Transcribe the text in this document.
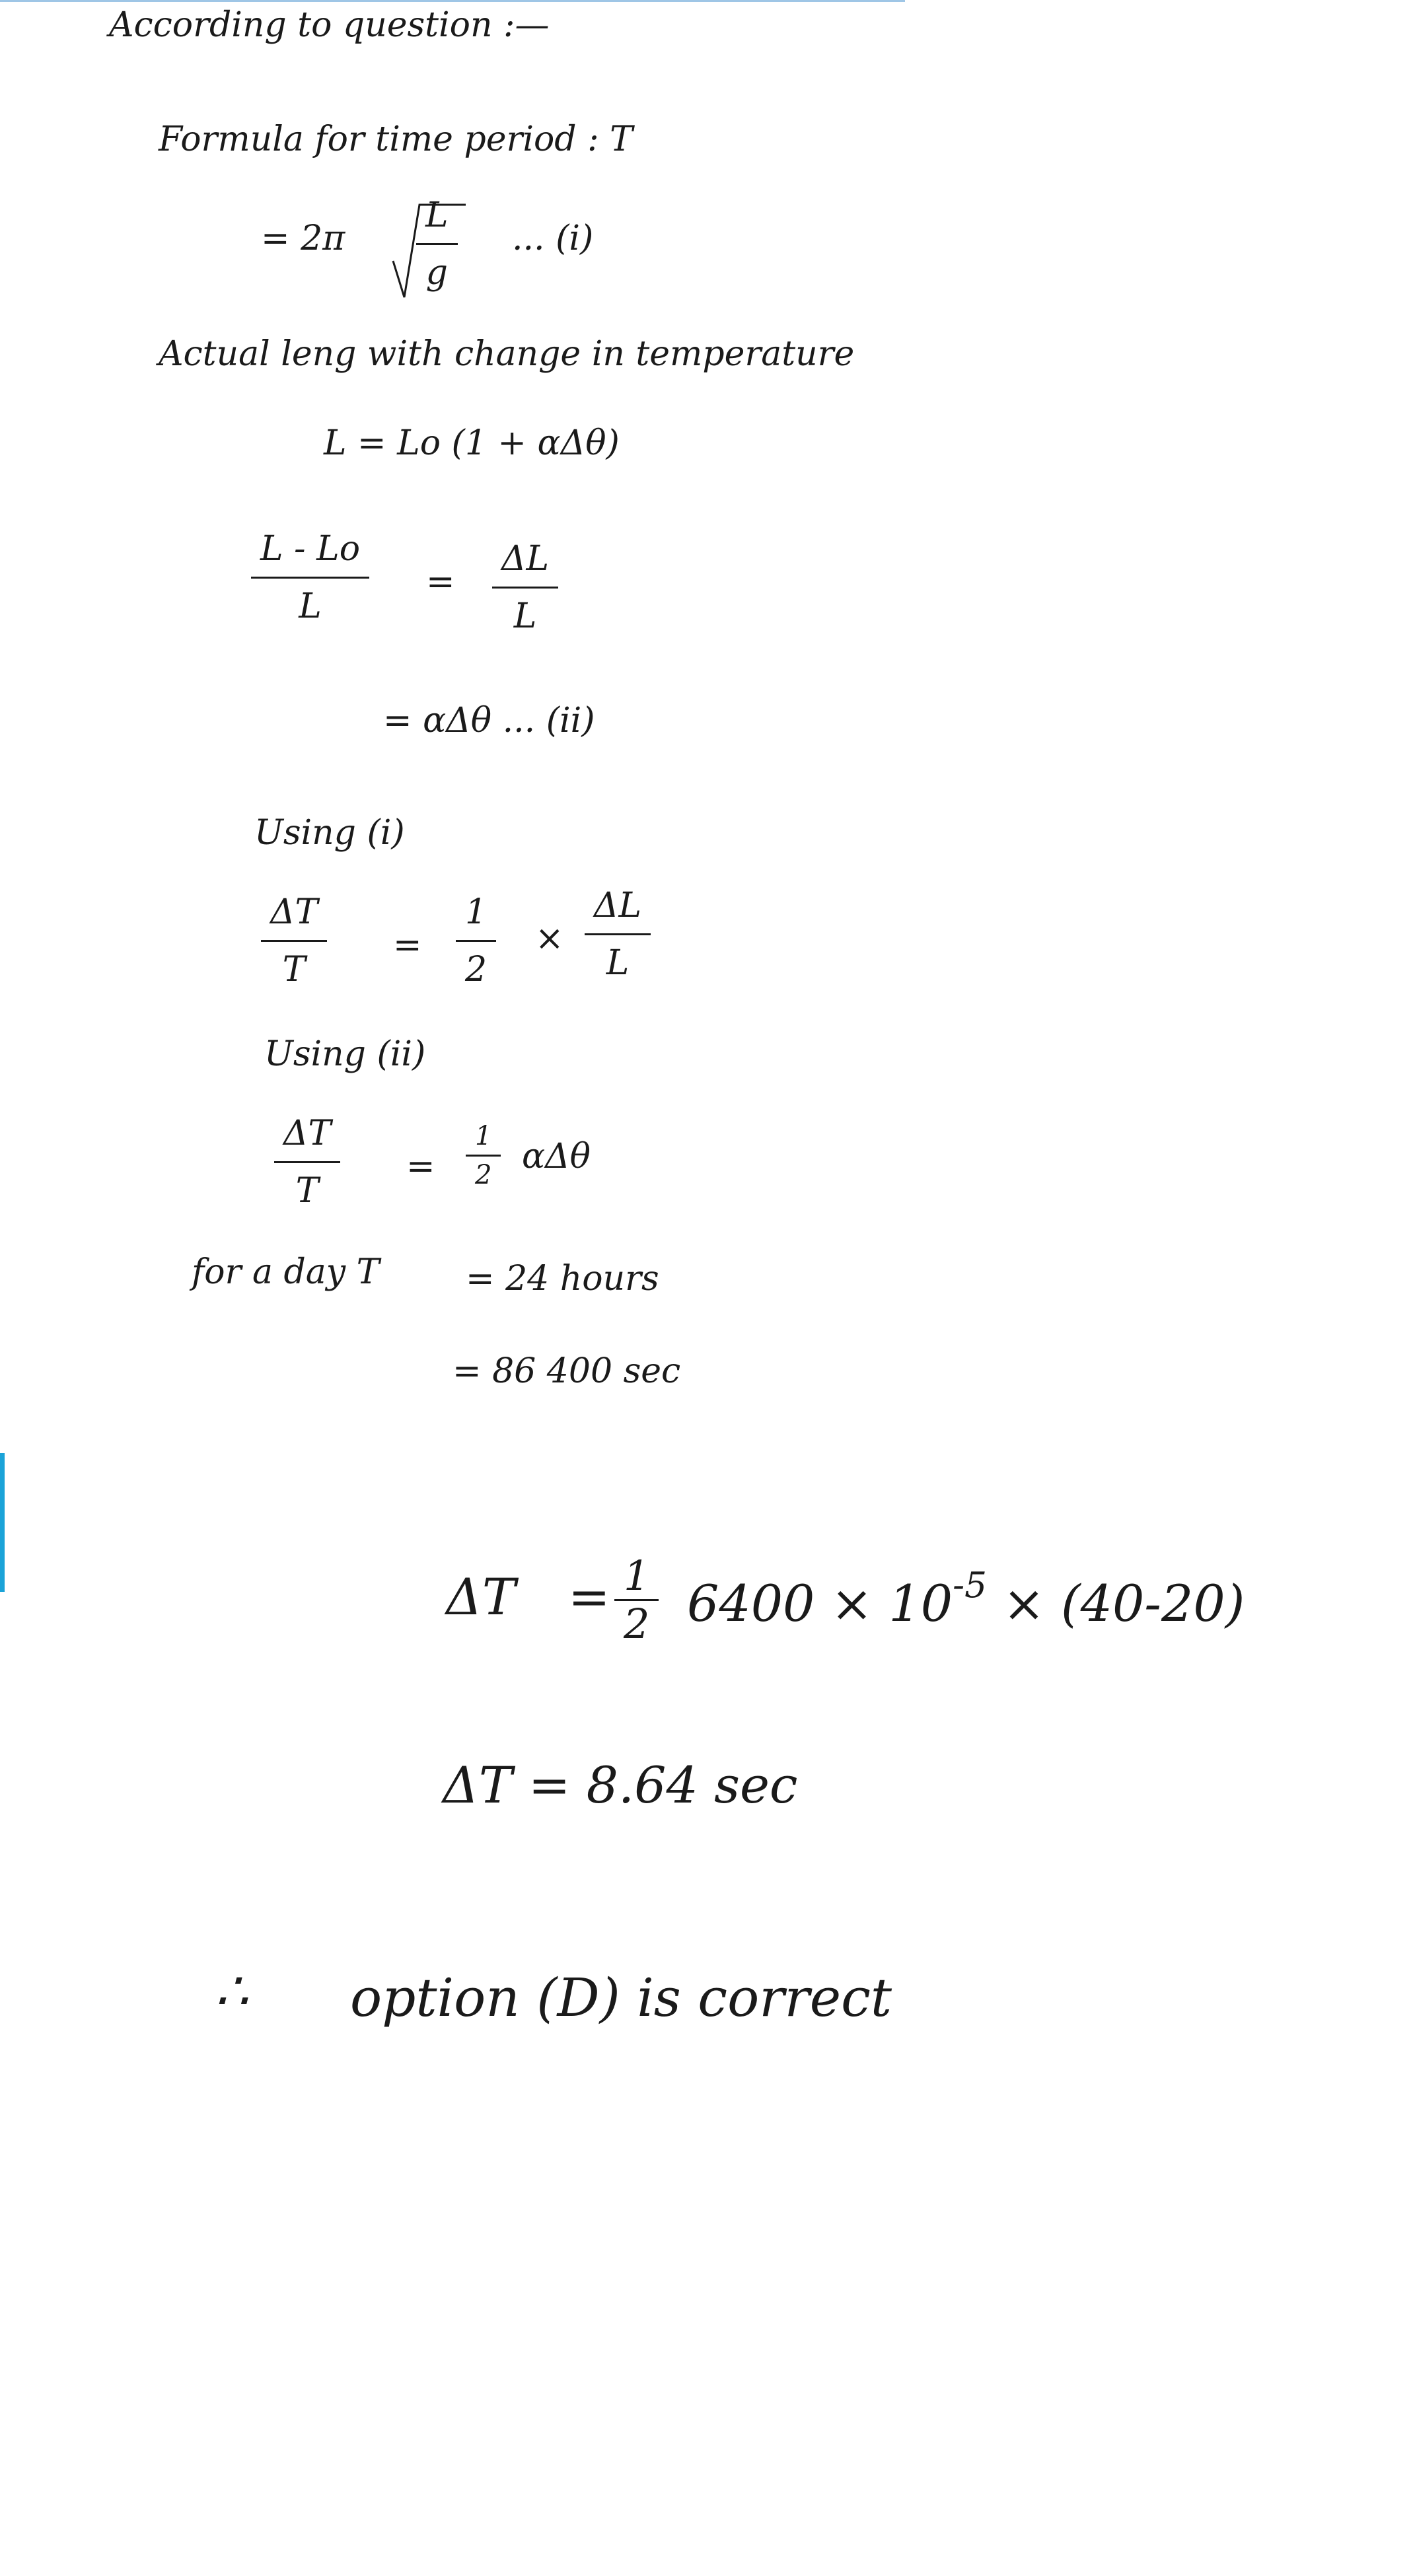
According to question :—
Formula for time period : T
= 2π
L
g
... (i)
Actual leng with change in temperature
L = Lo (1 + αΔθ)
L - Lo
L
=
ΔL
L
= αΔθ ... (ii)
Using (i)
ΔT
T
=
1
2
×
ΔL
L
Using (ii)
ΔT
T
=
1
2 αΔθ
for a day T	= 24 hours
= 86 400 sec
ΔT = 1
2 $6400 \times 10^{-5} \times (40-20)$
ΔT = 8.64 sec
∴ option (D) is correct
